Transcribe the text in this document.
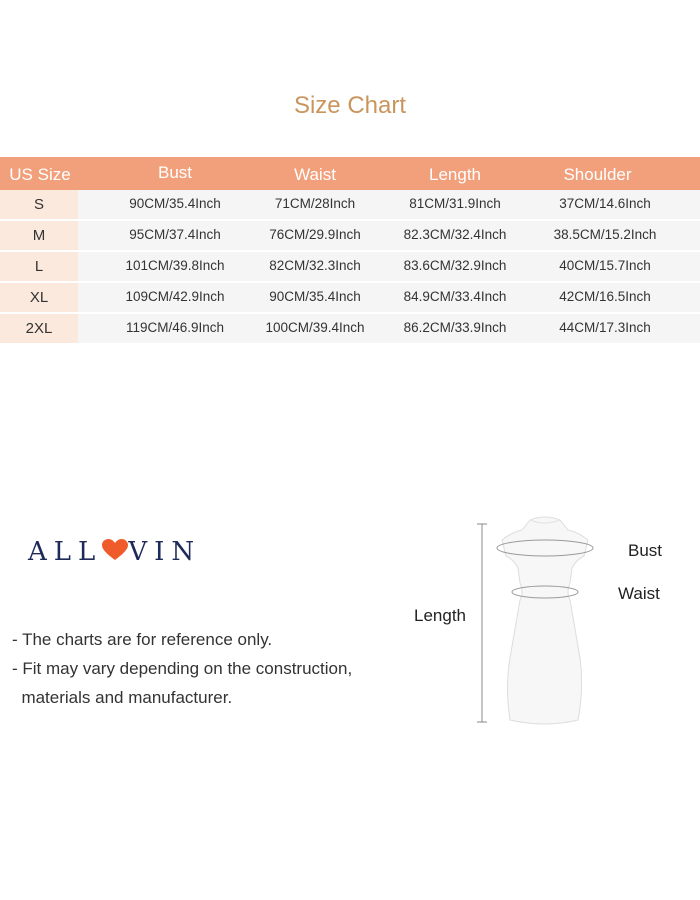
Size Chart
US Size	Bust	Waist	Length	Shoulder
S	90CM/35.4Inch	71CM/28Inch	81CM/31.9Inch	37CM/14.6Inch
M	95CM/37.4Inch	76CM/29.9Inch	82.3CM/32.4Inch	38.5CM/15.2Inch
L	101CM/39.8Inch	82CM/32.3Inch	83.6CM/32.9Inch	40CM/15.7Inch
XL	109CM/42.9Inch	90CM/35.4Inch	84.9CM/33.4Inch	42CM/16.5Inch
2XL	119CM/46.9Inch	100CM/39.4Inch	86.2CM/33.9Inch	44CM/17.3Inch
ALL VIN
- The charts are for reference only.
- Fit may vary depending on the construction,
materials and manufacturer.
Bust
Waist
Length
